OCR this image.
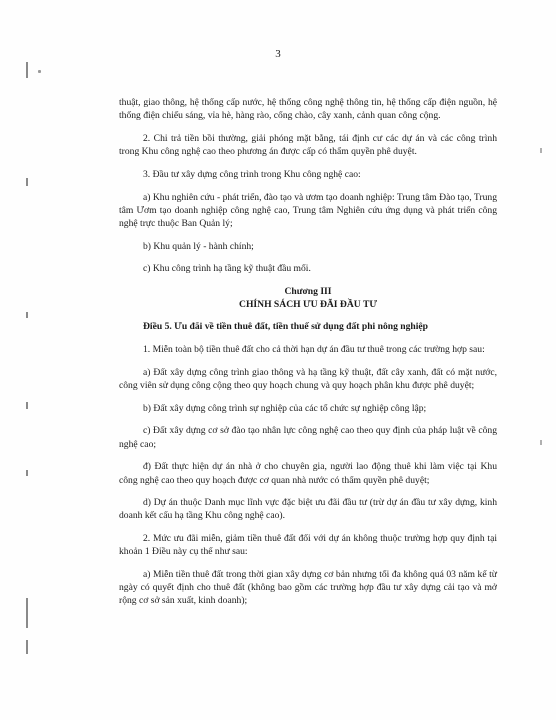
3

thuật, giao thông, hệ thống cấp nước, hệ thống công nghệ thông tin, hệ thống cấp điện nguồn, hệ thống điện chiếu sáng, vỉa hè, hàng rào, cổng chào, cây xanh, cảnh quan công cộng.

2. Chi trả tiền bồi thường, giải phóng mặt bằng, tái định cư các dự án và các công trình trong Khu công nghệ cao theo phương án được cấp có thẩm quyền phê duyệt.

3. Đầu tư xây dựng công trình trong Khu công nghệ cao:

a) Khu nghiên cứu - phát triển, đào tạo và ươm tạo doanh nghiệp: Trung tâm Đào tạo, Trung tâm Ươm tạo doanh nghiệp công nghệ cao, Trung tâm Nghiên cứu ứng dụng và phát triển công nghệ trực thuộc Ban Quản lý;

b) Khu quản lý - hành chính;

c) Khu công trình hạ tầng kỹ thuật đầu mối.

Chương III
CHÍNH SÁCH ƯU ĐÃI ĐẦU TƯ

Điều 5. Ưu đãi về tiền thuê đất, tiền thuế sử dụng đất phi nông nghiệp

1. Miễn toàn bộ tiền thuê đất cho cả thời hạn dự án đầu tư thuê trong các trường hợp sau:

a) Đất xây dựng công trình giao thông và hạ tầng kỹ thuật, đất cây xanh, đất có mặt nước, công viên sử dụng công cộng theo quy hoạch chung và quy hoạch phân khu được phê duyệt;

b) Đất xây dựng công trình sự nghiệp của các tổ chức sự nghiệp công lập;

c) Đất xây dựng cơ sở đào tạo nhân lực công nghệ cao theo quy định của pháp luật về công nghệ cao;

đ) Đất thực hiện dự án nhà ở cho chuyên gia, người lao động thuê khi làm việc tại Khu công nghệ cao theo quy hoạch được cơ quan nhà nước có thẩm quyền phê duyệt;

d) Dự án thuộc Danh mục lĩnh vực đặc biệt ưu đãi đầu tư (trừ dự án đầu tư xây dựng, kinh doanh kết cấu hạ tầng Khu công nghệ cao).

2. Mức ưu đãi miễn, giảm tiền thuê đất đối với dự án không thuộc trường hợp quy định tại khoản 1 Điều này cụ thể như sau:

a) Miễn tiền thuê đất trong thời gian xây dựng cơ bản nhưng tối đa không quá 03 năm kể từ ngày có quyết định cho thuê đất (không bao gồm các trường hợp đầu tư xây dựng cải tạo và mở rộng cơ sở sản xuất, kinh doanh);
